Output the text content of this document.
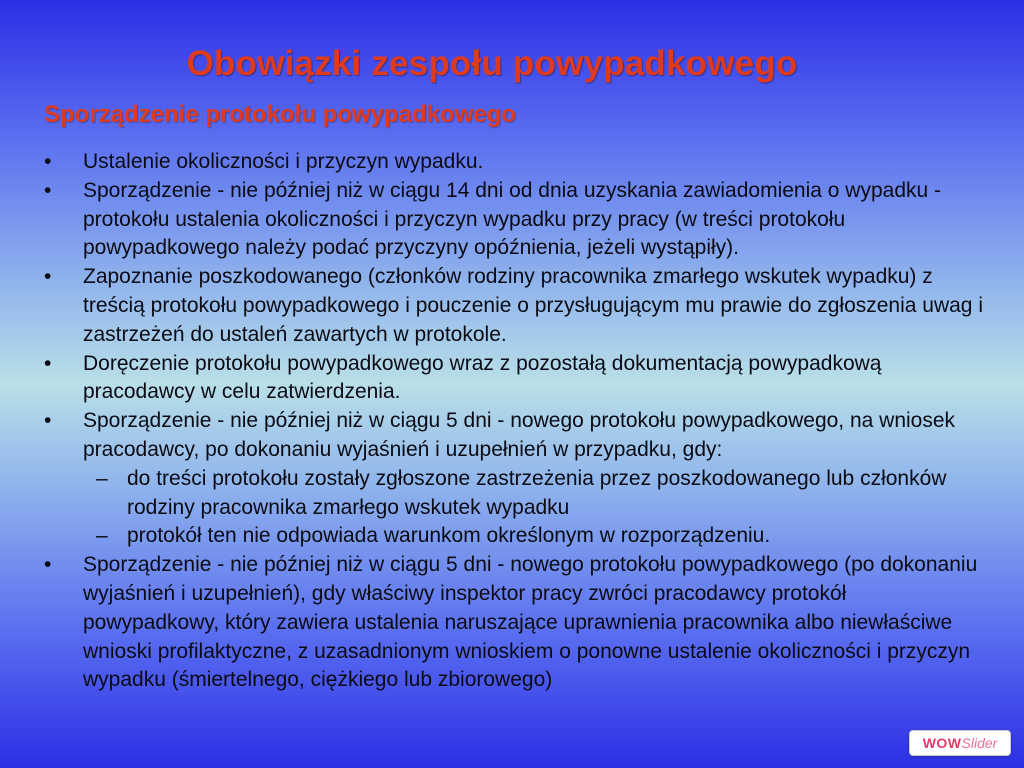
Obowiązki zespołu powypadkowego
Sporządzenie protokołu powypadkowego
•	Ustalenie okoliczności i przyczyn wypadku.
•	Sporządzenie - nie później niż w ciągu 14 dni od dnia uzyskania zawiadomienia o wypadku - protokołu ustalenia okoliczności i przyczyn wypadku przy pracy (w treści protokołu powypadkowego należy podać przyczyny opóźnienia, jeżeli wystąpiły).
•	Zapoznanie poszkodowanego (członków rodziny pracownika zmarłego wskutek wypadku) z treścią protokołu powypadkowego i pouczenie o przysługującym mu prawie do zgłoszenia uwag i zastrzeżeń do ustaleń zawartych w protokole.
•	Doręczenie protokołu powypadkowego wraz z pozostałą dokumentacją powypadkową pracodawcy w celu zatwierdzenia.
•	Sporządzenie - nie później niż w ciągu 5 dni - nowego protokołu powypadkowego, na wniosek pracodawcy, po dokonaniu wyjaśnień i uzupełnień w przypadku, gdy:
– do treści protokołu zostały zgłoszone zastrzeżenia przez poszkodowanego lub członków rodziny pracownika zmarłego wskutek wypadku
– protokół ten nie odpowiada warunkom określonym w rozporządzeniu.
•	Sporządzenie - nie później niż w ciągu 5 dni - nowego protokołu powypadkowego (po dokonaniu wyjaśnień i uzupełnień), gdy właściwy inspektor pracy zwróci pracodawcy protokół powypadkowy, który zawiera ustalenia naruszające uprawnienia pracownika albo niewłaściwe wnioski profilaktyczne, z uzasadnionym wnioskiem o ponowne ustalenie okoliczności i przyczyn wypadku (śmiertelnego, ciężkiego lub zbiorowego)
WOW Slider
